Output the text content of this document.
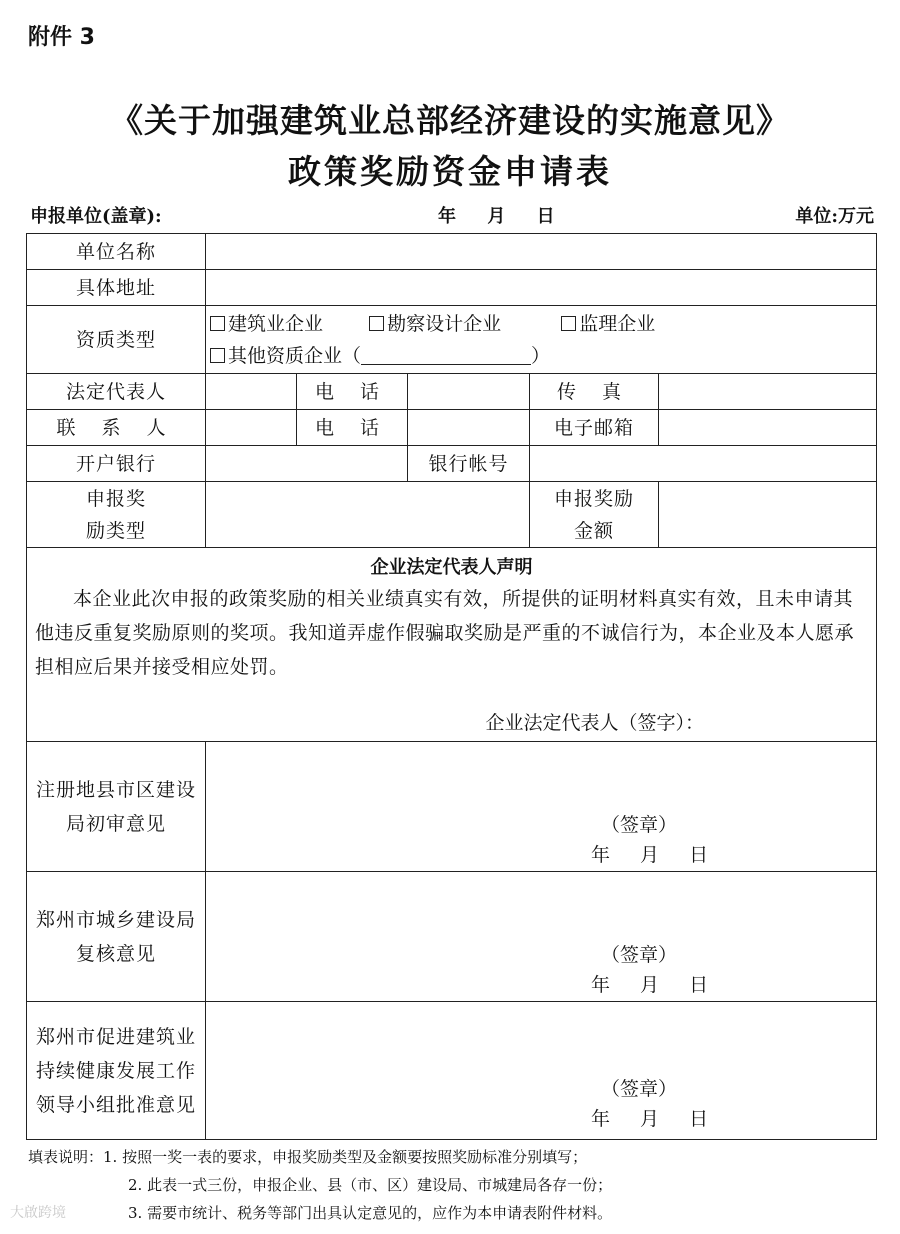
附件 3
《关于加强建筑业总部经济建设的实施意见》
政策奖励资金申请表
申报单位(盖章):	年     月     日	单位:万元
单位名称					
具体地址					
资质类型	建筑业企业 勘察设计企业 监理企业
其他资质企业（ ）				

法定代表人		电 话		传 真	
联 系 人		电 话		电子邮箱	
开户银行			银行帐号		
申报奖励类型				申报奖励金额	

企业法定代表人声明
本企业此次申报的政策奖励的相关业绩真实有效，所提供的证明材料真实有效，且未申请其他违反重复奖励原则的奖项。我知道弄虚作假骗取奖励是严重的不诚信行为，本企业及本人愿承担相应后果并接受相应处罚。
企业法定代表人（签字）：					

注册地县市区建设局初审意见	（签章）
年 月 日				

郑州市城乡建设局复核意见	（签章）
年 月 日				

郑州市促进建筑业持续健康发展工作领导小组批准意见	（签章）
年 月 日				
填表说明：1. 按照一奖一表的要求，申报奖励类型及金额要按照奖励标准分别填写；
2. 此表一式三份，申报企业、县（市、区）建设局、市城建局各存一份；
3. 需要市统计、税务等部门出具认定意见的，应作为本申请表附件材料。
大啟跨境
